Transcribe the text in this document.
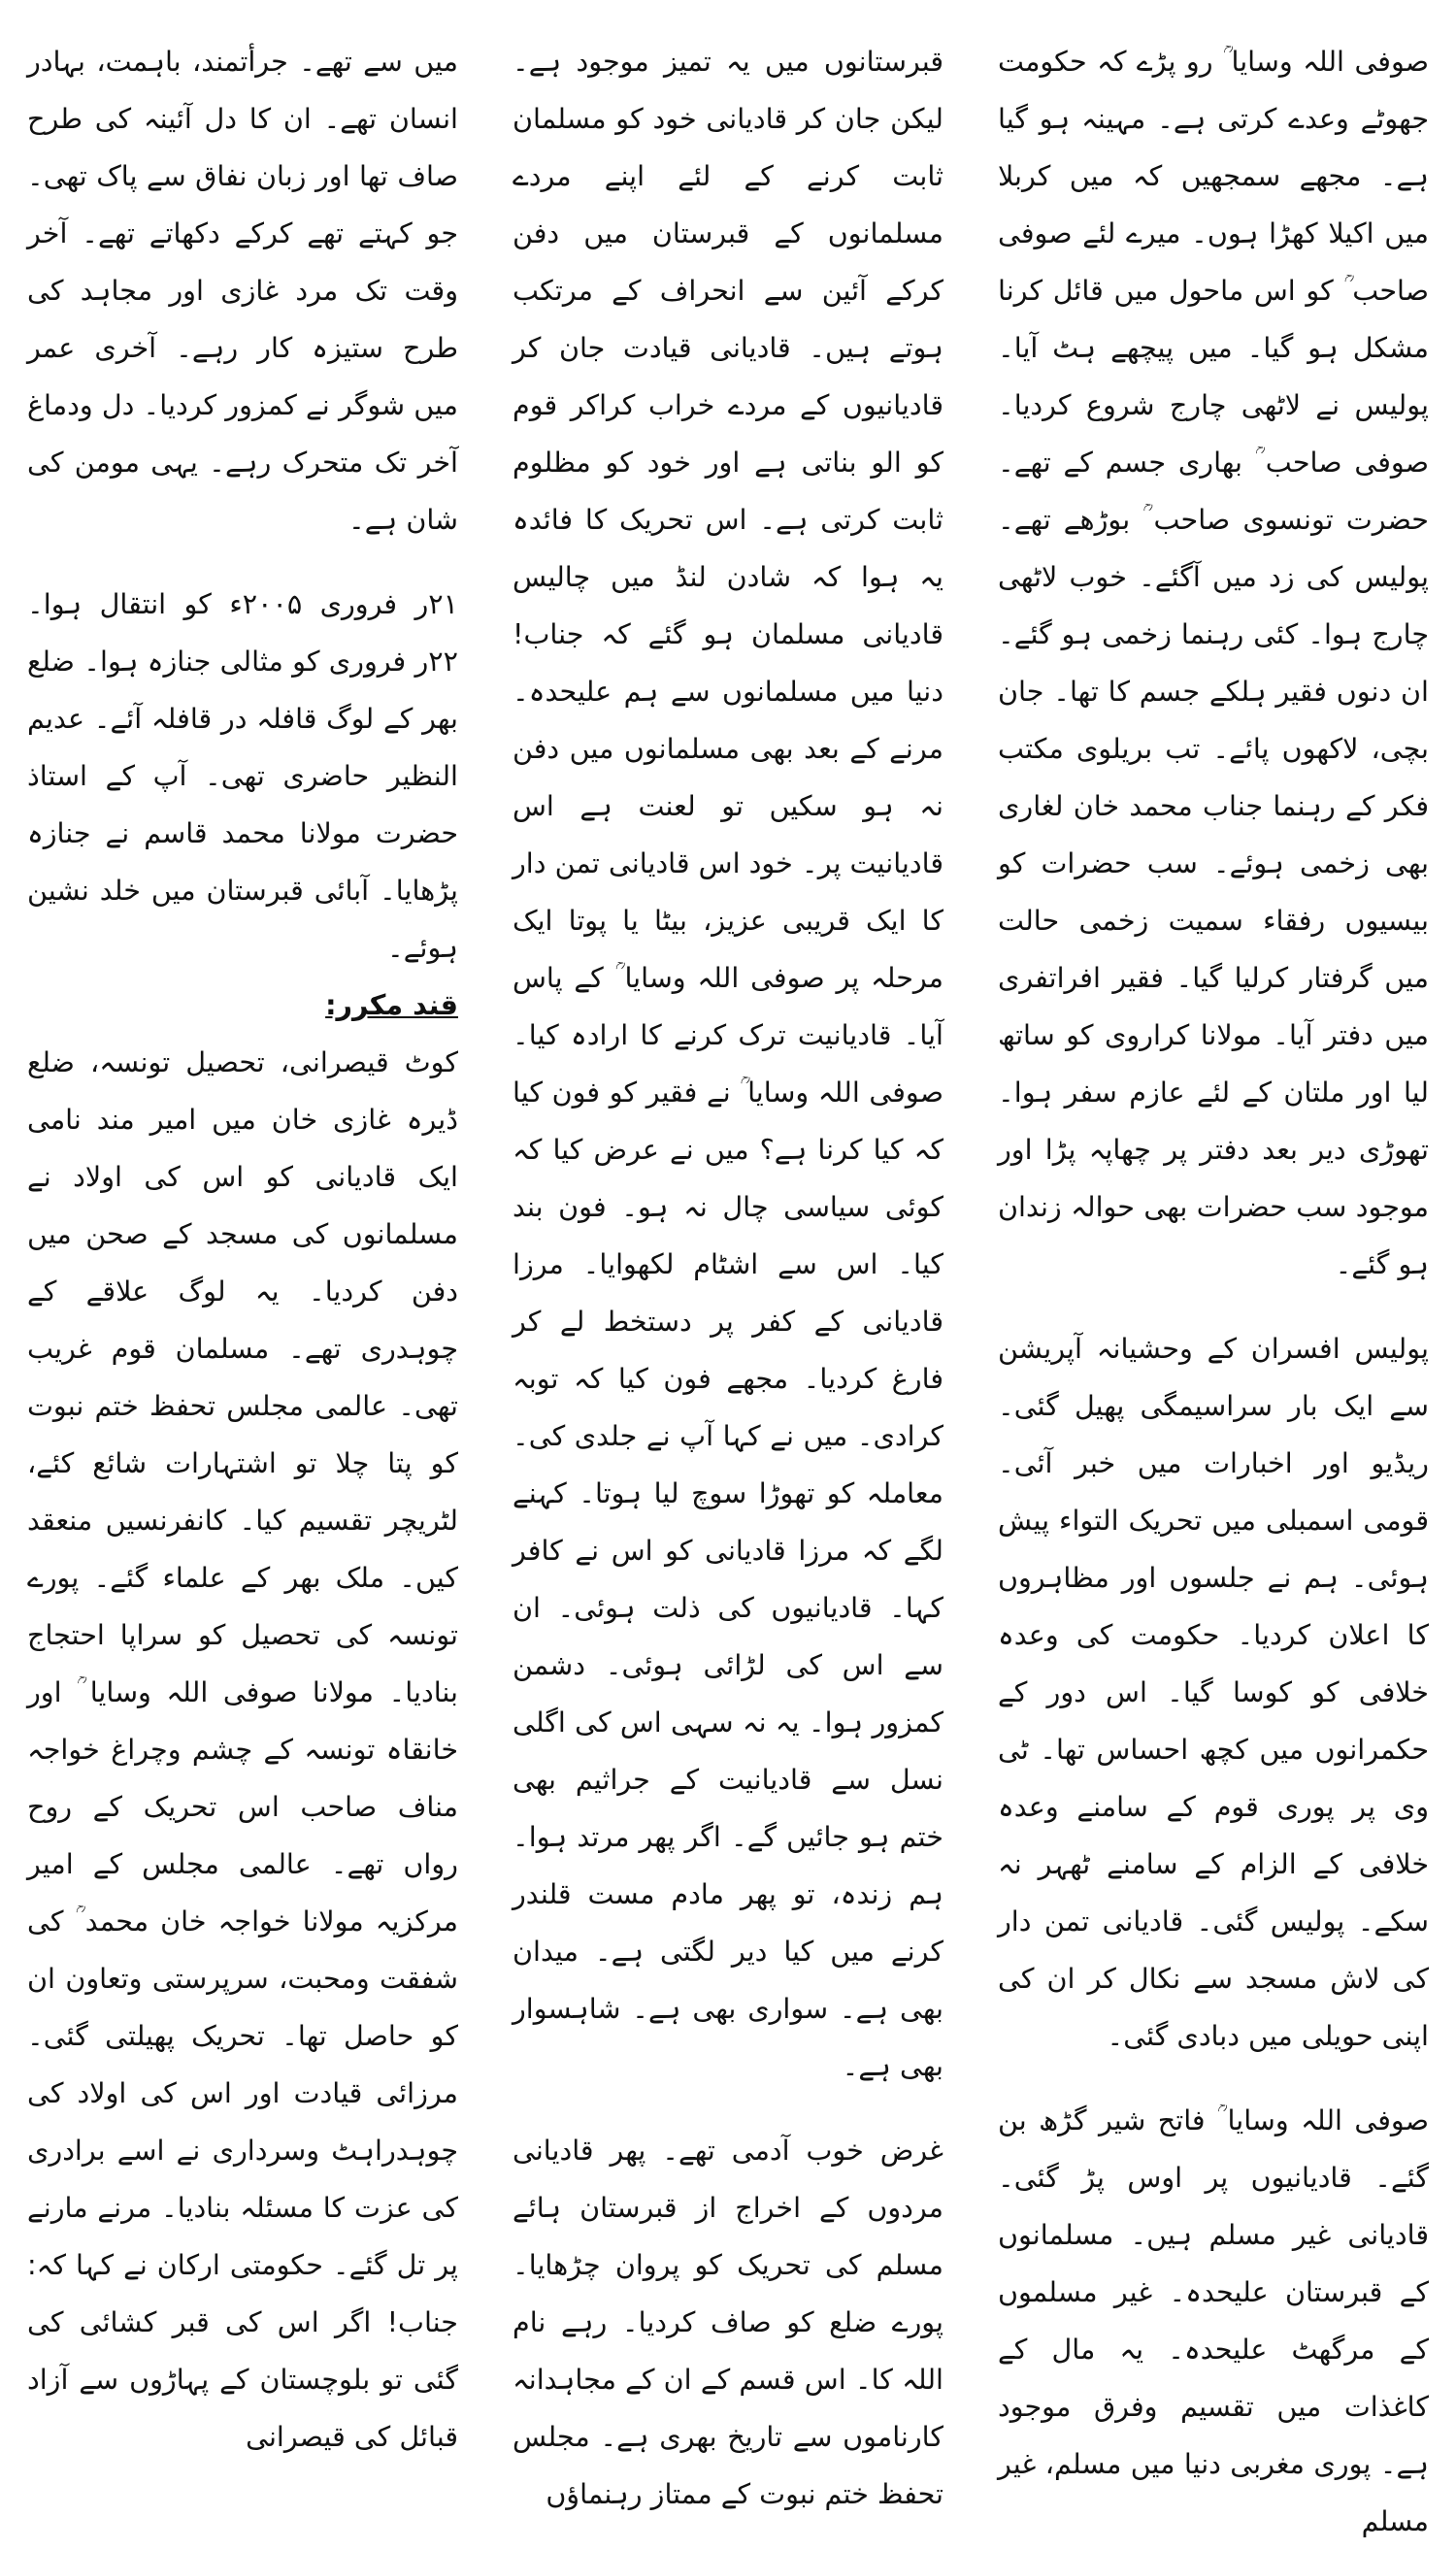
صوفی اللہ وسایا ؒ رو پڑے کہ حکومت جھوٹے وعدے کرتی ہے۔ مہینہ ہو گیا ہے۔ مجھے سمجھیں کہ میں کربلا میں اکیلا کھڑا ہوں۔ میرے لئے صوفی صاحب ؒ کو اس ماحول میں قائل کرنا مشکل ہو گیا۔ میں پیچھے ہٹ آیا۔ پولیس نے لاٹھی چارج شروع کردیا۔ صوفی صاحب ؒ بھاری جسم کے تھے۔ حضرت تونسوی صاحب ؒ بوڑھے تھے۔ پولیس کی زد میں آگئے۔ خوب لاٹھی چارج ہوا۔ کئی رہنما زخمی ہو گئے۔ ان دنوں فقیر ہلکے جسم کا تھا۔ جان بچی، لاکھوں پائے۔ تب بریلوی مکتب فکر کے رہنما جناب محمد خان لغاری بھی زخمی ہوئے۔ سب حضرات کو بیسیوں رفقاء سمیت زخمی حالت میں گرفتار کرلیا گیا۔ فقیر افراتفری میں دفتر آیا۔ مولانا کراروی کو ساتھ لیا اور ملتان کے لئے عازم سفر ہوا۔ تھوڑی دیر بعد دفتر پر چھاپہ پڑا اور موجود سب حضرات بھی حوالہ زندان ہو گئے۔

پولیس افسران کے وحشیانہ آپریشن سے ایک بار سراسیمگی پھیل گئی۔ ریڈیو اور اخبارات میں خبر آئی۔ قومی اسمبلی میں تحریک التواء پیش ہوئی۔ ہم نے جلسوں اور مظاہروں کا اعلان کردیا۔ حکومت کی وعدہ خلافی کو کوسا گیا۔ اس دور کے حکمرانوں میں کچھ احساس تھا۔ ٹی وی پر پوری قوم کے سامنے وعدہ خلافی کے الزام کے سامنے ٹھہر نہ سکے۔ پولیس گئی۔ قادیانی تمن دار کی لاش مسجد سے نکال کر ان کی اپنی حویلی میں دبادی گئی۔

صوفی اللہ وسایا ؒ فاتح شیر گڑھ بن گئے۔ قادیانیوں پر اوس پڑ گئی۔ قادیانی غیر مسلم ہیں۔ مسلمانوں کے قبرستان علیحدہ۔ غیر مسلموں کے مرگھٹ علیحدہ۔ یہ مال کے کاغذات میں تقسیم وفرق موجود ہے۔ پوری مغربی دنیا میں مسلم، غیر مسلم

قبرستانوں میں یہ تمیز موجود ہے۔ لیکن جان کر قادیانی خود کو مسلمان ثابت کرنے کے لئے اپنے مردے مسلمانوں کے قبرستان میں دفن کرکے آئین سے انحراف کے مرتکب ہوتے ہیں۔ قادیانی قیادت جان کر قادیانیوں کے مردے خراب کراکر قوم کو الو بناتی ہے اور خود کو مظلوم ثابت کرتی ہے۔ اس تحریک کا فائدہ یہ ہوا کہ شادن لنڈ میں چالیس قادیانی مسلمان ہو گئے کہ جناب! دنیا میں مسلمانوں سے ہم علیحدہ۔ مرنے کے بعد بھی مسلمانوں میں دفن نہ ہو سکیں تو لعنت ہے اس قادیانیت پر۔ خود اس قادیانی تمن دار کا ایک قریبی عزیز، بیٹا یا پوتا ایک مرحلہ پر صوفی اللہ وسایا ؒ کے پاس آیا۔ قادیانیت ترک کرنے کا ارادہ کیا۔ صوفی اللہ وسایا ؒ نے فقیر کو فون کیا کہ کیا کرنا ہے؟ میں نے عرض کیا کہ کوئی سیاسی چال نہ ہو۔ فون بند کیا۔ اس سے اشٹام لکھوایا۔ مرزا قادیانی کے کفر پر دستخط لے کر فارغ کردیا۔ مجھے فون کیا کہ توبہ کرادی۔ میں نے کہا آپ نے جلدی کی۔ معاملہ کو تھوڑا سوچ لیا ہوتا۔ کہنے لگے کہ مرزا قادیانی کو اس نے کافر کہا۔ قادیانیوں کی ذلت ہوئی۔ ان سے اس کی لڑائی ہوئی۔ دشمن کمزور ہوا۔ یہ نہ سہی اس کی اگلی نسل سے قادیانیت کے جراثیم بھی ختم ہو جائیں گے۔ اگر پھر مرتد ہوا۔ ہم زندہ، تو پھر مادم مست قلندر کرنے میں کیا دیر لگتی ہے۔ میدان بھی ہے۔ سواری بھی ہے۔ شاہسوار بھی ہے۔

غرض خوب آدمی تھے۔ پھر قادیانی مردوں کے اخراج از قبرستان ہائے مسلم کی تحریک کو پروان چڑھایا۔ پورے ضلع کو صاف کردیا۔ رہے نام اللہ کا۔ اس قسم کے ان کے مجاہدانہ کارناموں سے تاریخ بھری ہے۔ مجلس تحفظ ختم نبوت کے ممتاز رہنماؤں

میں سے تھے۔ جرأتمند، باہمت، بہادر انسان تھے۔ ان کا دل آئینہ کی طرح صاف تھا اور زبان نفاق سے پاک تھی۔ جو کہتے تھے کرکے دکھاتے تھے۔ آخر وقت تک مرد غازی اور مجاہد کی طرح ستیزہ کار رہے۔ آخری عمر میں شوگر نے کمزور کردیا۔ دل ودماغ آخر تک متحرک رہے۔ یہی مومن کی شان ہے۔

۲۱ر فروری ۲۰۰۵ء کو انتقال ہوا۔ ۲۲ر فروری کو مثالی جنازہ ہوا۔ ضلع بھر کے لوگ قافلہ در قافلہ آئے۔ عدیم النظیر حاضری تھی۔ آپ کے استاذ حضرت مولانا محمد قاسم نے جنازہ پڑھایا۔ آبائی قبرستان میں خلد نشین ہوئے۔

قند مکرر:

کوٹ قیصرانی، تحصیل تونسہ، ضلع ڈیرہ غازی خان میں امیر مند نامی ایک قادیانی کو اس کی اولاد نے مسلمانوں کی مسجد کے صحن میں دفن کردیا۔ یہ لوگ علاقے کے چوہدری تھے۔ مسلمان قوم غریب تھی۔ عالمی مجلس تحفظ ختم نبوت کو پتا چلا تو اشتہارات شائع کئے، لٹریچر تقسیم کیا۔ کانفرنسیں منعقد کیں۔ ملک بھر کے علماء گئے۔ پورے تونسہ کی تحصیل کو سراپا احتجاج بنادیا۔ مولانا صوفی اللہ وسایا ؒ اور خانقاہ تونسہ کے چشم وچراغ خواجہ مناف صاحب اس تحریک کے روح رواں تھے۔ عالمی مجلس کے امیر مرکزیہ مولانا خواجہ خان محمد ؒ کی شفقت ومحبت، سرپرستی وتعاون ان کو حاصل تھا۔ تحریک پھیلتی گئی۔ مرزائی قیادت اور اس کی اولاد کی چوہدراہٹ وسرداری نے اسے برادری کی عزت کا مسئلہ بنادیا۔ مرنے مارنے پر تل گئے۔ حکومتی ارکان نے کہا کہ: جناب! اگر اس کی قبر کشائی کی گئی تو بلوچستان کے پہاڑوں سے آزاد قبائل کی قیصرانی
